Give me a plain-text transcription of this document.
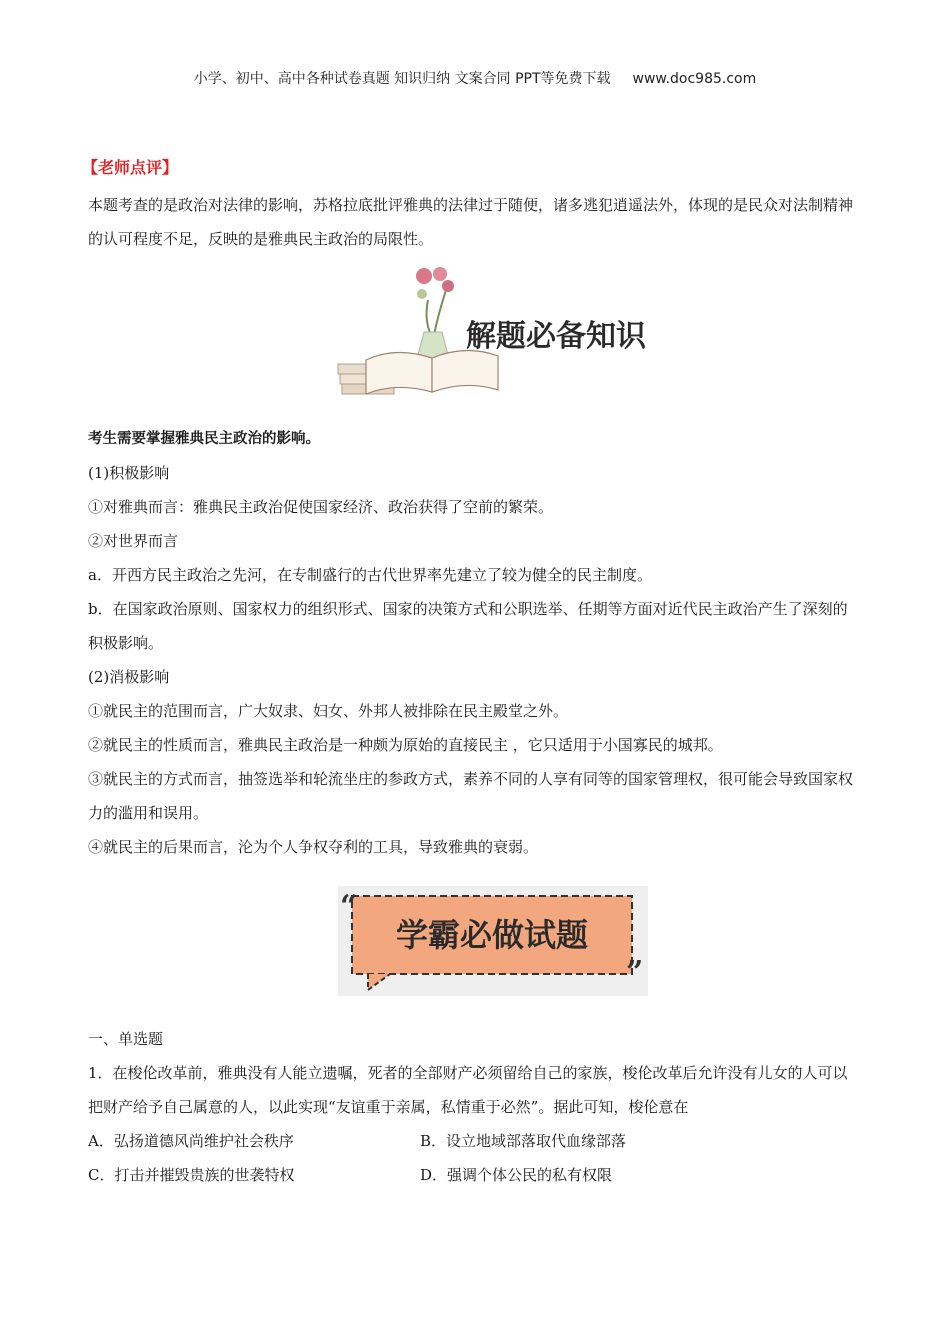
小学、初中、高中各种试卷真题 知识归纳 文案合同 PPT等免费下载 www.doc985.com
【老师点评】

本题考查的是政治对法律的影响，苏格拉底批评雅典的法律过于随便，诸多逃犯逍遥法外，体现的是民众对法制精神的认可程度不足，反映的是雅典民主政治的局限性。

解题必备知识

考生需要掌握雅典民主政治的影响。

(1)积极影响

①对雅典而言：雅典民主政治促使国家经济、政治获得了空前的繁荣。

②对世界而言

a．开西方民主政治之先河，在专制盛行的古代世界率先建立了较为健全的民主制度。

b．在国家政治原则、国家权力的组织形式、国家的决策方式和公职选举、任期等方面对近代民主政治产生了深刻的积极影响。

(2)消极影响

①就民主的范围而言，广大奴隶、妇女、外邦人被排除在民主殿堂之外。

②就民主的性质而言，雅典民主政治是一种颇为原始的直接民主 ，它只适用于小国寡民的城邦。

③就民主的方式而言，抽签选举和轮流坐庄的参政方式，素养不同的人享有同等的国家管理权，很可能会导致国家权力的滥用和误用。

④就民主的后果而言，沦为个人争权夺利的工具，导致雅典的衰弱。

“
”
学霸必做试题

一、单选题

1．在梭伦改革前，雅典没有人能立遗嘱，死者的全部财产必须留给自己的家族，梭伦改革后允许没有儿女的人可以把财产给予自己属意的人，以此实现“友谊重于亲属，私情重于必然”。据此可知，梭伦意在

A．弘扬道德风尚维护社会秩序	B．设立地域部落取代血缘部落
C．打击并摧毁贵族的世袭特权	D．强调个体公民的私有权限
